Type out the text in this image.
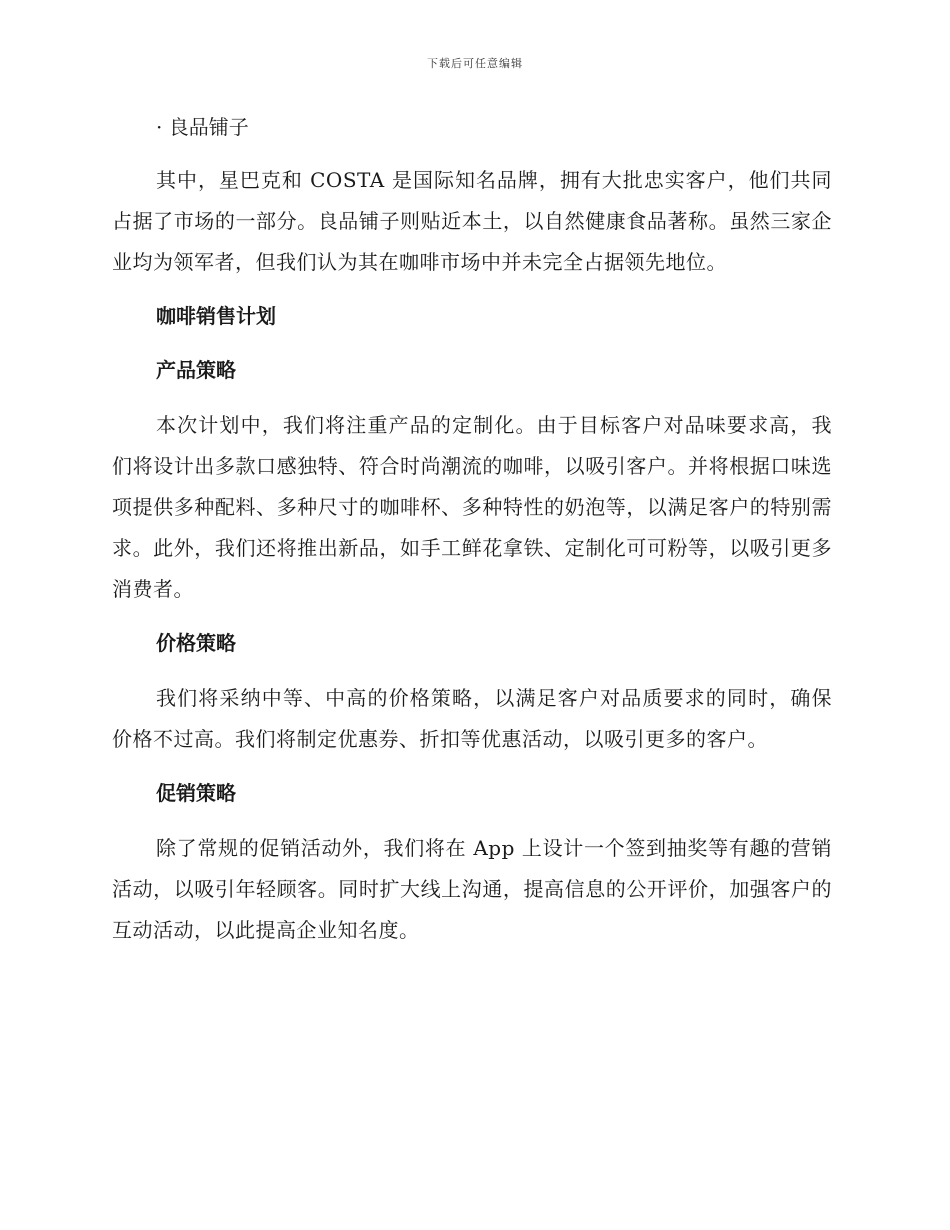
下载后可任意编辑
· 良品铺子

其中，星巴克和 COSTA 是国际知名品牌，拥有大批忠实客户，他们共同占据了市场的一部分。良品铺子则贴近本土，以自然健康食品著称。虽然三家企业均为领军者，但我们认为其在咖啡市场中并未完全占据领先地位。

咖啡销售计划
产品策略

本次计划中，我们将注重产品的定制化。由于目标客户对品味要求高，我们将设计出多款口感独特、符合时尚潮流的咖啡，以吸引客户。并将根据口味选项提供多种配料、多种尺寸的咖啡杯、多种特性的奶泡等，以满足客户的特别需求。此外，我们还将推出新品，如手工鲜花拿铁、定制化可可粉等，以吸引更多消费者。

价格策略

我们将采纳中等、中高的价格策略，以满足客户对品质要求的同时，确保价格不过高。我们将制定优惠券、折扣等优惠活动，以吸引更多的客户。

促销策略

除了常规的促销活动外，我们将在 App 上设计一个签到抽奖等有趣的营销活动，以吸引年轻顾客。同时扩大线上沟通，提高信息的公开评价，加强客户的互动活动，以此提高企业知名度。
